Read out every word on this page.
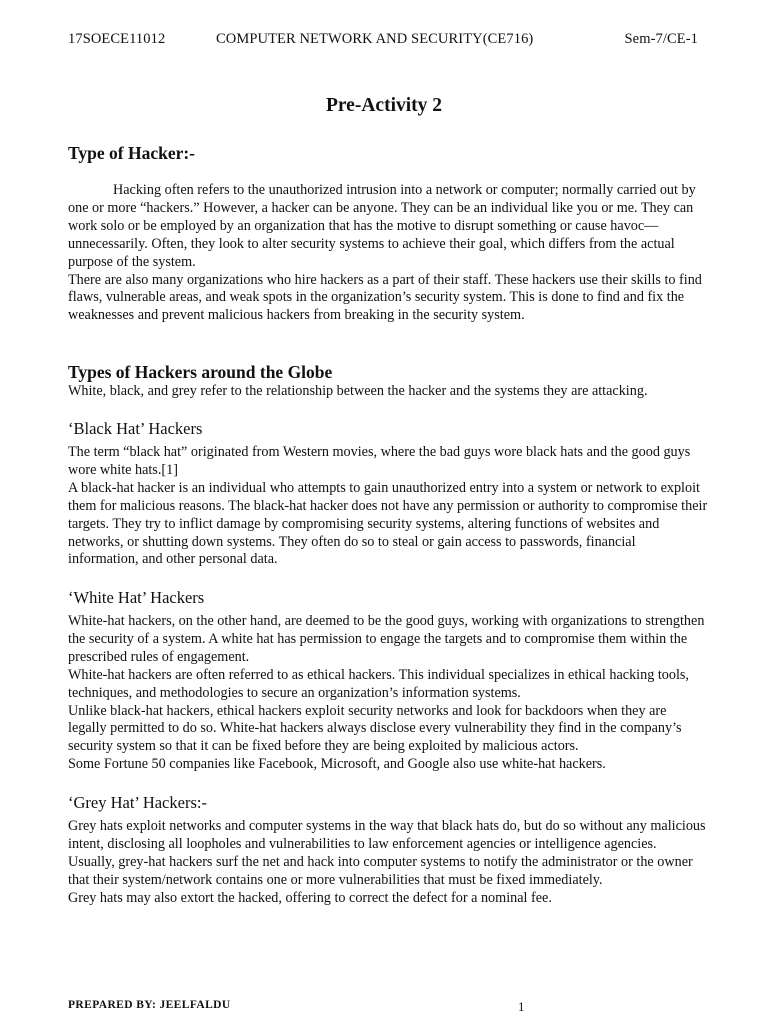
17SOECE11012	COMPUTER NETWORK AND SECURITY(CE716)	Sem-7/CE-1
Pre-Activity 2
Type of Hacker:-

Hacking often refers to the unauthorized intrusion into a network or computer; normally carried out by one or more “hackers.” However, a hacker can be anyone. They can be an individual like you or me. They can work solo or be employed by an organization that has the motive to disrupt something or cause havoc—unnecessarily. Often, they look to alter security systems to achieve their goal, which differs from the actual purpose of the system.

There are also many organizations who hire hackers as a part of their staff. These hackers use their skills to find flaws, vulnerable areas, and weak spots in the organization’s security system. This is done to find and fix the weaknesses and prevent malicious hackers from breaking in the security system.

Types of Hackers around the Globe

White, black, and grey refer to the relationship between the hacker and the systems they are attacking.

‘Black Hat’ Hackers

The term “black hat” originated from Western movies, where the bad guys wore black hats and the good guys wore white hats.[1]

A black-hat hacker is an individual who attempts to gain unauthorized entry into a system or network to exploit them for malicious reasons. The black-hat hacker does not have any permission or authority to compromise their targets. They try to inflict damage by compromising security systems, altering functions of websites and networks, or shutting down systems. They often do so to steal or gain access to passwords, financial information, and other personal data.

‘White Hat’ Hackers

White-hat hackers, on the other hand, are deemed to be the good guys, working with organizations to strengthen the security of a system. A white hat has permission to engage the targets and to compromise them within the prescribed rules of engagement.

White-hat hackers are often referred to as ethical hackers. This individual specializes in ethical hacking tools, techniques, and methodologies to secure an organization’s information systems.

Unlike black-hat hackers, ethical hackers exploit security networks and look for backdoors when they are legally permitted to do so. White-hat hackers always disclose every vulnerability they find in the company’s security system so that it can be fixed before they are being exploited by malicious actors.

Some Fortune 50 companies like Facebook, Microsoft, and Google also use white-hat hackers.

‘Grey Hat’ Hackers:-

Grey hats exploit networks and computer systems in the way that black hats do, but do so without any malicious intent, disclosing all loopholes and vulnerabilities to law enforcement agencies or intelligence agencies.

Usually, grey-hat hackers surf the net and hack into computer systems to notify the administrator or the owner that their system/network contains one or more vulnerabilities that must be fixed immediately.

Grey hats may also extort the hacked, offering to correct the defect for a nominal fee.

PREPARED BY: JEELFALDU	1
